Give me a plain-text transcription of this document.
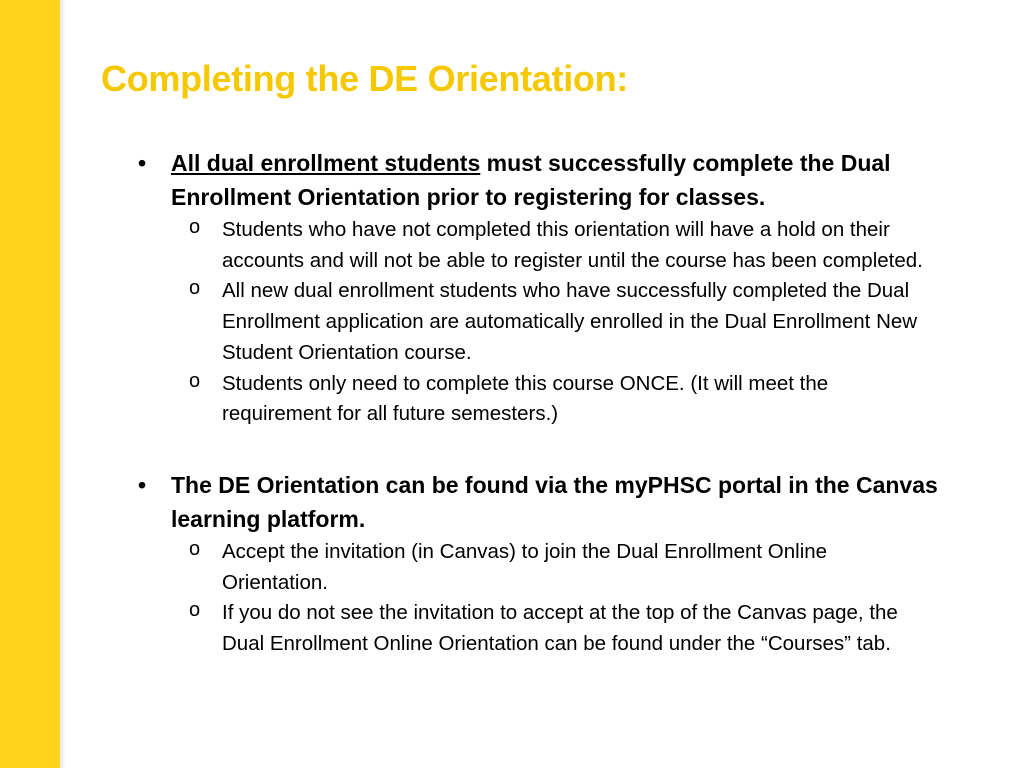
Completing the DE Orientation:
•	All dual enrollment students must successfully complete the Dual Enrollment Orientation prior to registering for classes.
o Students who have not completed this orientation will have a hold on their accounts and will not be able to register until the course has been completed.
o All new dual enrollment students who have successfully completed the Dual Enrollment application are automatically enrolled in the Dual Enrollment New Student Orientation course.
o Students only need to complete this course ONCE. (It will meet the requirement for all future semesters.)
•	The DE Orientation can be found via the myPHSC portal in the Canvas learning platform.
o Accept the invitation (in Canvas) to join the Dual Enrollment Online Orientation.
o If you do not see the invitation to accept at the top of the Canvas page, the Dual Enrollment Online Orientation can be found under the “Courses” tab.
